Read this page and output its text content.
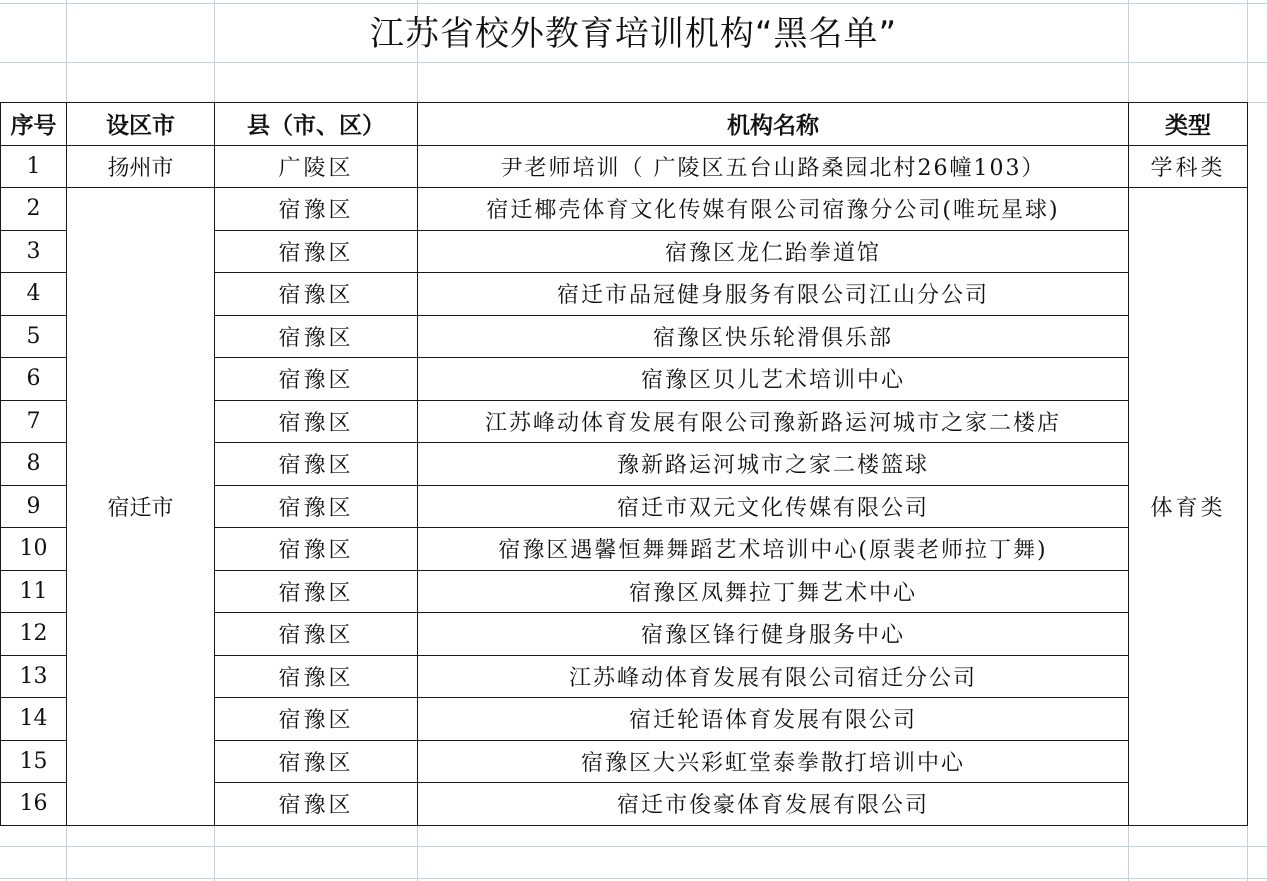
江苏省校外教育培训机构“黑名单”
序号	设区市	县（市、区）	机构名称	类型
1	扬州市	广陵区	尹老师培训（ 广陵区五台山路桑园北村26幢103）	学科类
2	宿迁市	宿豫区	宿迁椰壳体育文化传媒有限公司宿豫分公司(唯玩星球)	体育类
3		宿豫区	宿豫区龙仁跆拳道馆	
4		宿豫区	宿迁市品冠健身服务有限公司江山分公司	
5		宿豫区	宿豫区快乐轮滑俱乐部	
6		宿豫区	宿豫区贝儿艺术培训中心	
7		宿豫区	江苏峰动体育发展有限公司豫新路运河城市之家二楼店	
8		宿豫区	豫新路运河城市之家二楼篮球	
9		宿豫区	宿迁市双元文化传媒有限公司	
10		宿豫区	宿豫区遇馨恒舞舞蹈艺术培训中心(原裴老师拉丁舞)	
11		宿豫区	宿豫区凤舞拉丁舞艺术中心	
12		宿豫区	宿豫区锋行健身服务中心	
13		宿豫区	江苏峰动体育发展有限公司宿迁分公司	
14		宿豫区	宿迁轮语体育发展有限公司	
15		宿豫区	宿豫区大兴彩虹堂泰拳散打培训中心	
16		宿豫区	宿迁市俊豪体育发展有限公司	
